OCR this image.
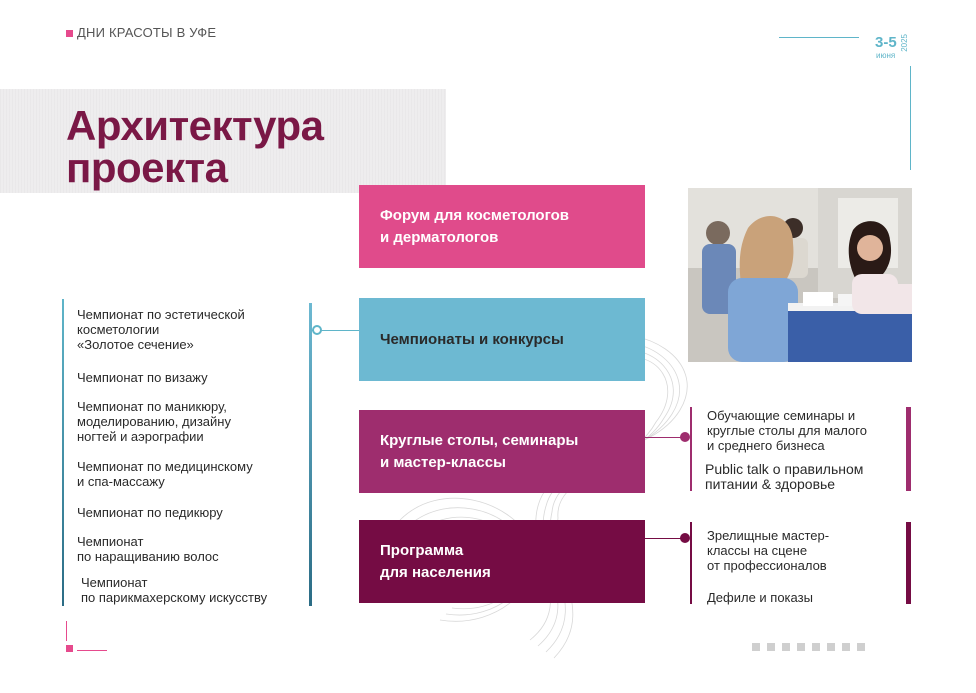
ДНИ КРАСОТЫ В УФЕ
3-5
июня
2025
Архитектура
проекта
Форум для косметологов
и дерматологов
Чемпионаты и конкурсы
Круглые столы, семинары
и мастер-классы
Программа
для населения
Чемпионат по эстетической
косметологии
«Золотое сечение»
Чемпионат по визажу
Чемпионат по маникюру,
моделированию, дизайну
ногтей и аэрографии
Чемпионат по медицинскому
и спа-массажу
Чемпионат по педикюру
Чемпионат
по наращиванию волос
Чемпионат
по парикмахерскому искусству
Обучающие семинары и
круглые столы для малого
и среднего бизнеса
Public talk о правильном
питании & здоровье
Зрелищные мастер-
классы на сцене
от профессионалов
Дефиле и показы
